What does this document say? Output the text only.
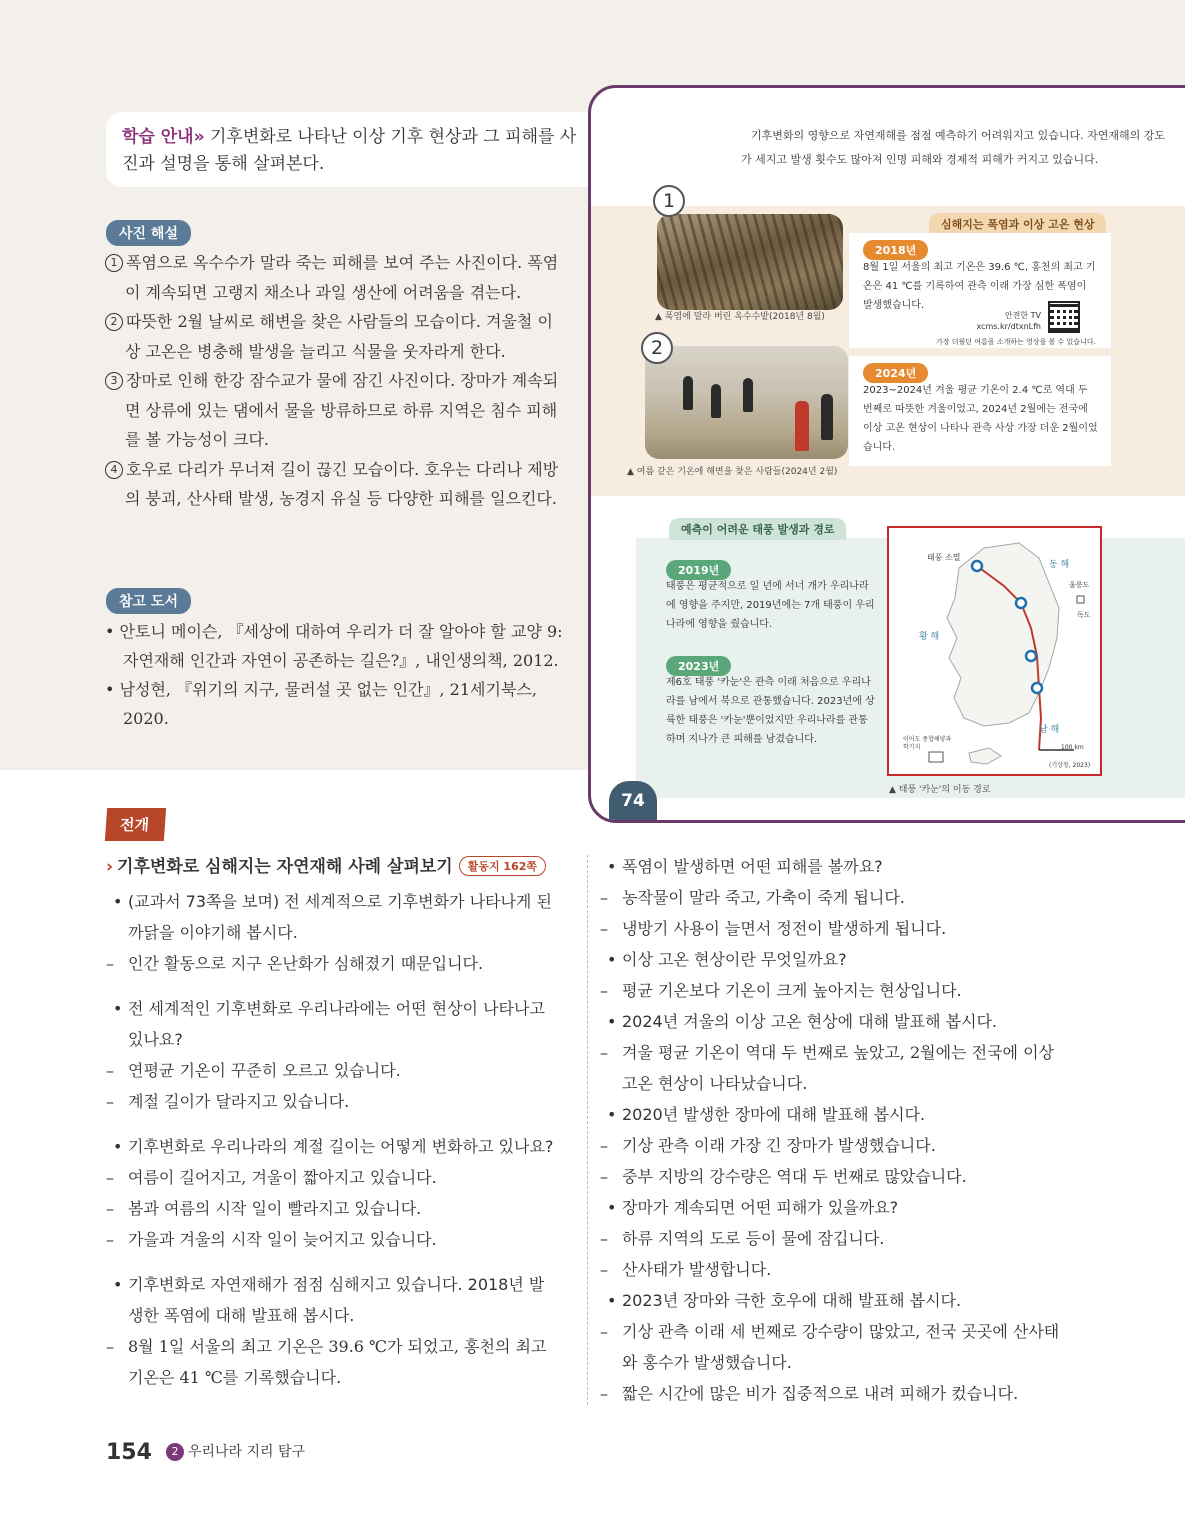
학습 안내» 기후변화로 나타난 이상 기후 현상과 그 피해를 사진과 설명을 통해 살펴본다.
사진 해설
1 폭염으로 옥수수가 말라 죽는 피해를 보여 주는 사진이다. 폭염이 계속되면 고랭지 채소나 과일 생산에 어려움을 겪는다.
2 따뜻한 2월 날씨로 해변을 찾은 사람들의 모습이다. 겨울철 이상 고온은 병충해 발생을 늘리고 식물을 웃자라게 한다.
3 장마로 인해 한강 잠수교가 물에 잠긴 사진이다. 장마가 계속되면 상류에 있는 댐에서 물을 방류하므로 하류 지역은 침수 피해를 볼 가능성이 크다.
4 호우로 다리가 무너져 길이 끊긴 모습이다. 호우는 다리나 제방의 붕괴, 산사태 발생, 농경지 유실 등 다양한 피해를 일으킨다.
참고 도서
• 안토니 메이슨, 『세상에 대하여 우리가 더 잘 알아야 할 교양 9: 자연재해 인간과 자연이 공존하는 길은?』, 내인생의책, 2012.
• 남성현, 『위기의 지구, 물러설 곳 없는 인간』, 21세기북스, 2020.
기후변화의 영향으로 자연재해를 점점 예측하기 어려워지고 있습니다. 자연재해의 강도가 세지고 발생 횟수도 많아져 인명 피해와 경제적 피해가 커지고 있습니다.
1
▲ 폭염에 말라 버린 옥수수밭(2018년 8월)
2
▲ 여름 같은 기온에 해변을 찾은 사람들(2024년 2월)
심해지는 폭염과 이상 고온 현상
2018년
8월 1일 서울의 최고 기온은 39.6 ℃, 홍천의 최고 기온은 41 ℃를 기록하여 관측 이래 가장 심한 폭염이 발생했습니다.
안전한 TV
xcms.kr/dtxnLfh
가장 더웠던 여름을 소개하는 영상을 볼 수 있습니다.
2024년
2023~2024년 겨울 평균 기온이 2.4 ℃로 역대 두 번째로 따뜻한 겨울이었고, 2024년 2월에는 전국에 이상 고온 현상이 나타나 관측 사상 가장 더운 2월이었습니다.
예측이 어려운 태풍 발생과 경로
2019년
태풍은 평균적으로 일 년에 서너 개가 우리나라에 영향을 주지만, 2019년에는 7개 태풍이 우리나라에 영향을 줬습니다.
2023년
제6호 태풍 '카눈'은 관측 이래 처음으로 우리나라를 남에서 북으로 관통했습니다. 2023년에 상륙한 태풍은 '카눈'뿐이었지만 우리나라를 관통하며 지나가 큰 피해를 남겼습니다.
태풍 소멸
동 해
울릉도
독도
황 해
남 해
이어도 종합해양과학기지	100 km
(기상청, 2023)
▲ 태풍 '카눈'의 이동 경로
74
전개
› 기후변화로 심해지는 자연재해 사례 살펴보기 활동지 162쪽
• (교과서 73쪽을 보며) 전 세계적으로 기후변화가 나타나게 된 까닭을 이야기해 봅시다.
– 인간 활동으로 지구 온난화가 심해졌기 때문입니다.
• 전 세계적인 기후변화로 우리나라에는 어떤 현상이 나타나고 있나요?
– 연평균 기온이 꾸준히 오르고 있습니다.
– 계절 길이가 달라지고 있습니다.
• 기후변화로 우리나라의 계절 길이는 어떻게 변화하고 있나요?
– 여름이 길어지고, 겨울이 짧아지고 있습니다.
– 봄과 여름의 시작 일이 빨라지고 있습니다.
– 가을과 겨울의 시작 일이 늦어지고 있습니다.
• 기후변화로 자연재해가 점점 심해지고 있습니다. 2018년 발생한 폭염에 대해 발표해 봅시다.
– 8월 1일 서울의 최고 기온은 39.6 ℃가 되었고, 홍천의 최고 기온은 41 ℃를 기록했습니다.
• 폭염이 발생하면 어떤 피해를 볼까요?
– 농작물이 말라 죽고, 가축이 죽게 됩니다.
– 냉방기 사용이 늘면서 정전이 발생하게 됩니다.
• 이상 고온 현상이란 무엇일까요?
– 평균 기온보다 기온이 크게 높아지는 현상입니다.
• 2024년 겨울의 이상 고온 현상에 대해 발표해 봅시다.
– 겨울 평균 기온이 역대 두 번째로 높았고, 2월에는 전국에 이상 고온 현상이 나타났습니다.
• 2020년 발생한 장마에 대해 발표해 봅시다.
– 기상 관측 이래 가장 긴 장마가 발생했습니다.
– 중부 지방의 강수량은 역대 두 번째로 많았습니다.
• 장마가 계속되면 어떤 피해가 있을까요?
– 하류 지역의 도로 등이 물에 잠깁니다.
– 산사태가 발생합니다.
• 2023년 장마와 극한 호우에 대해 발표해 봅시다.
– 기상 관측 이래 세 번째로 강수량이 많았고, 전국 곳곳에 산사태와 홍수가 발생했습니다.
– 짧은 시간에 많은 비가 집중적으로 내려 피해가 컸습니다.
154 2 우리나라 지리 탐구
